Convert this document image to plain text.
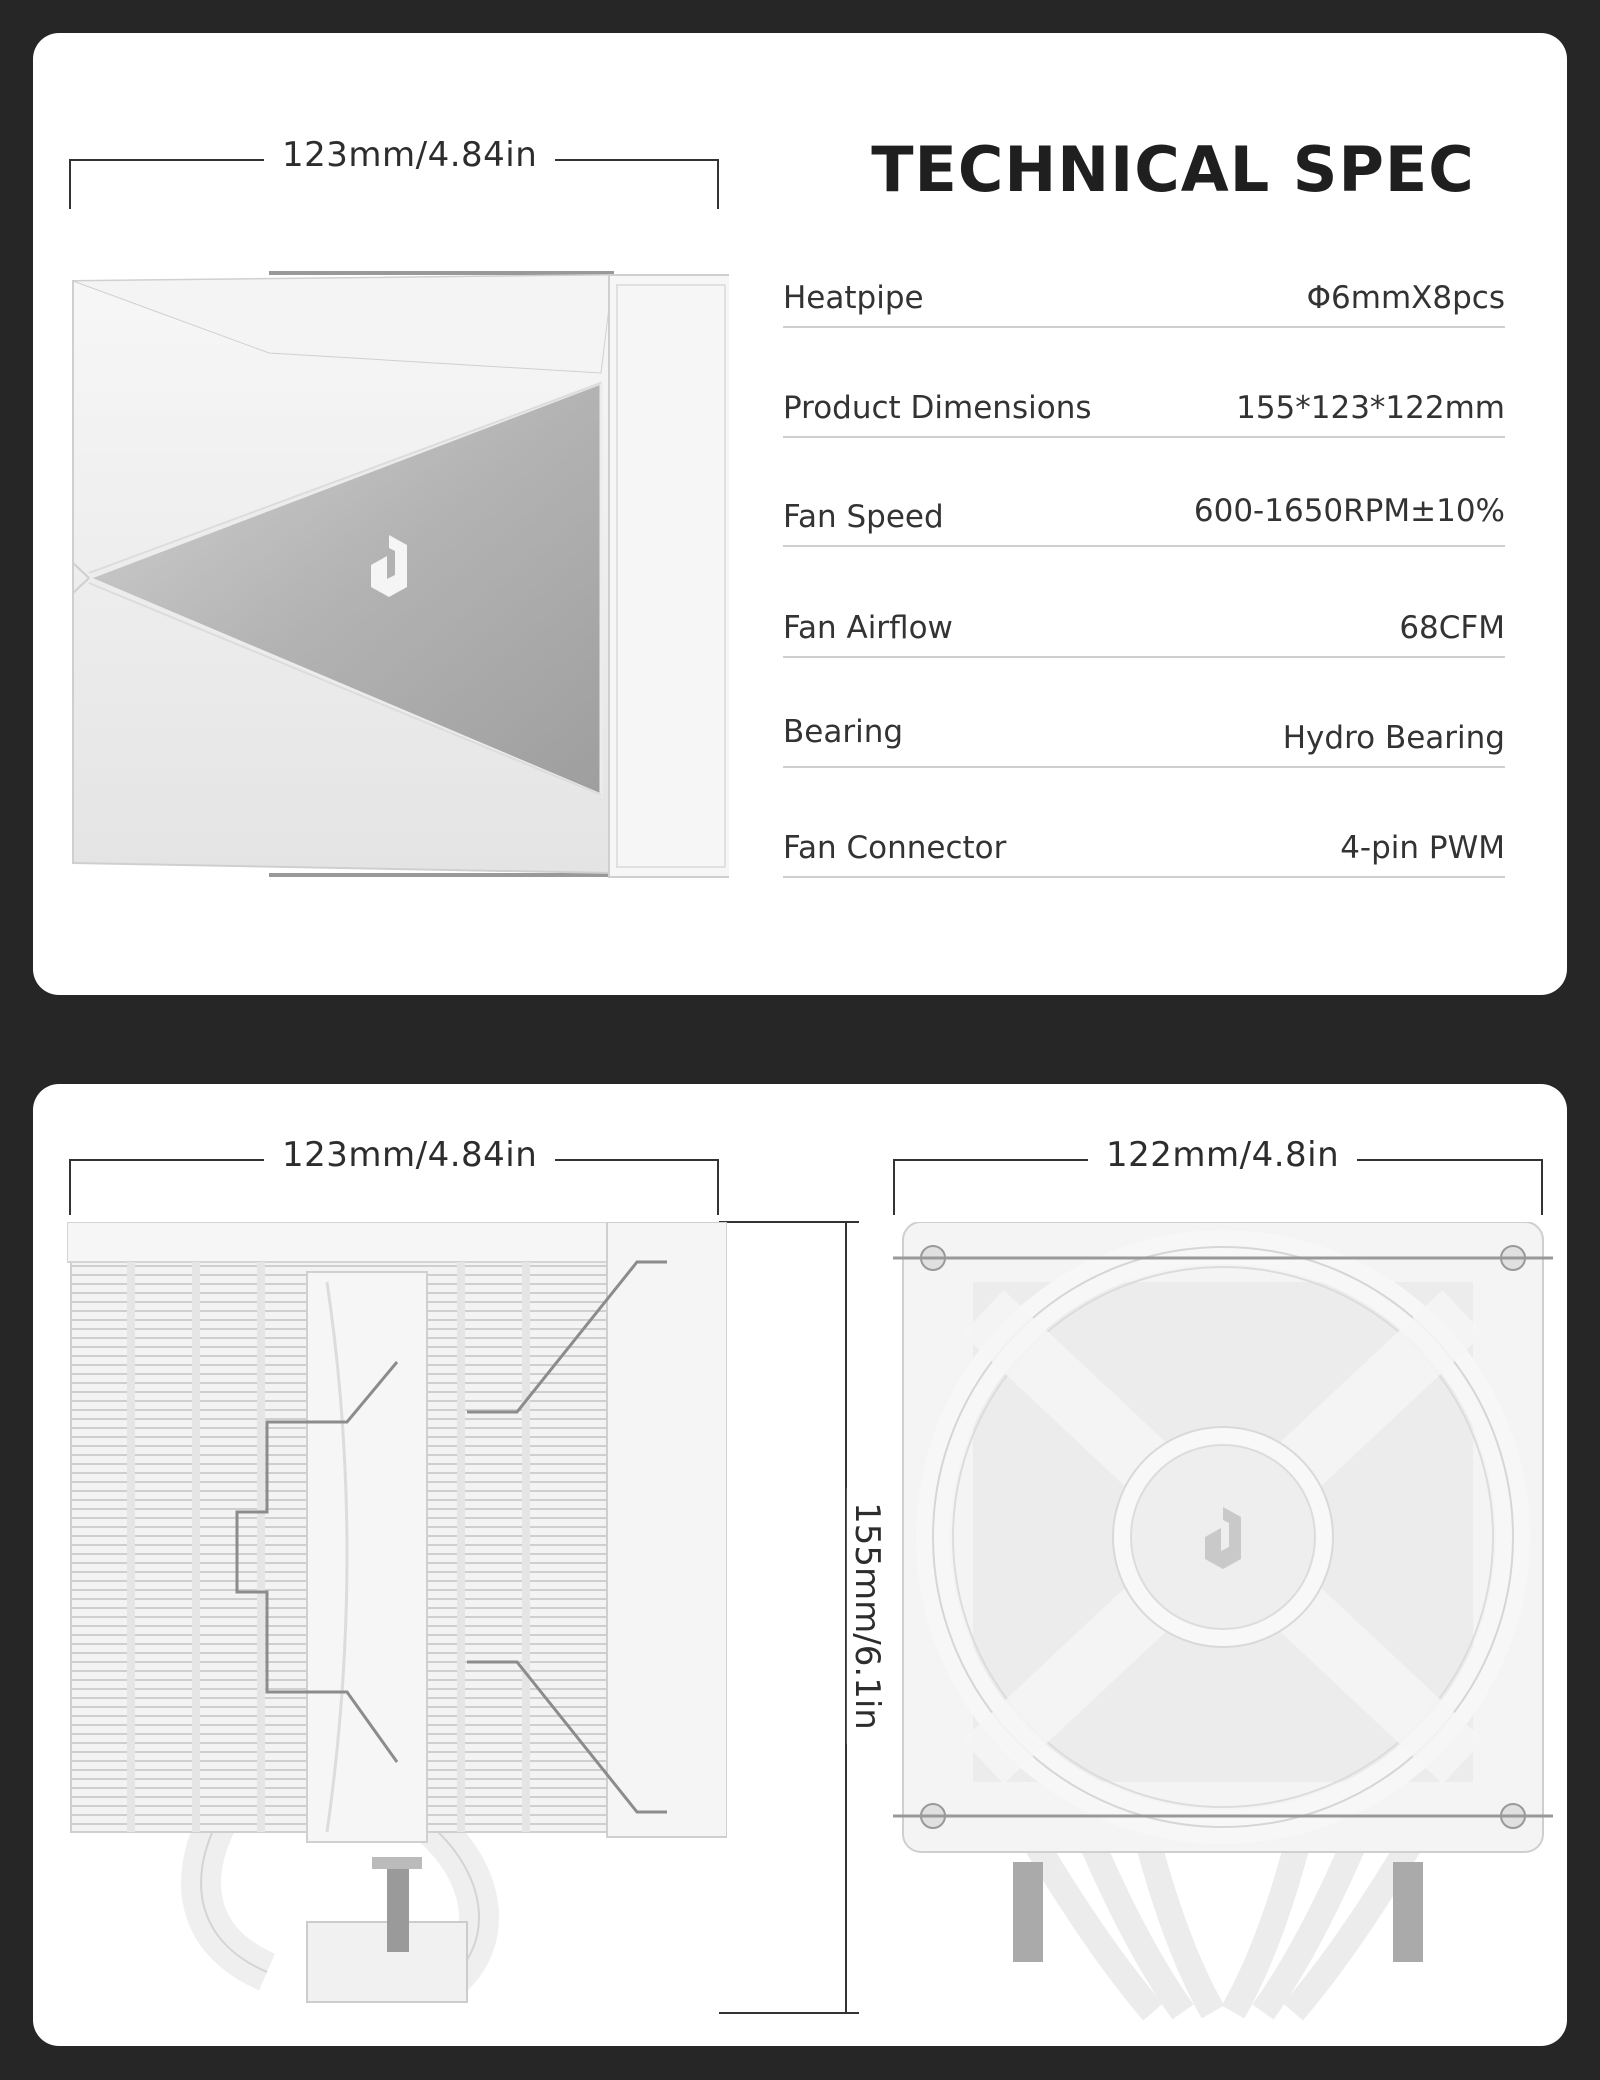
123mm/4.84in	TECHNICAL SPEC
Heatpipe	Φ6mmX8pcs
Product Dimensions	155*123*122mm
Fan Speed	600-1650RPM±10%
Fan Airflow	68CFM
Bearing	Hydro Bearing
Fan Connector	4-pin PWM
123mm/4.84in	122mm/4.8in
155mm/6.1in
